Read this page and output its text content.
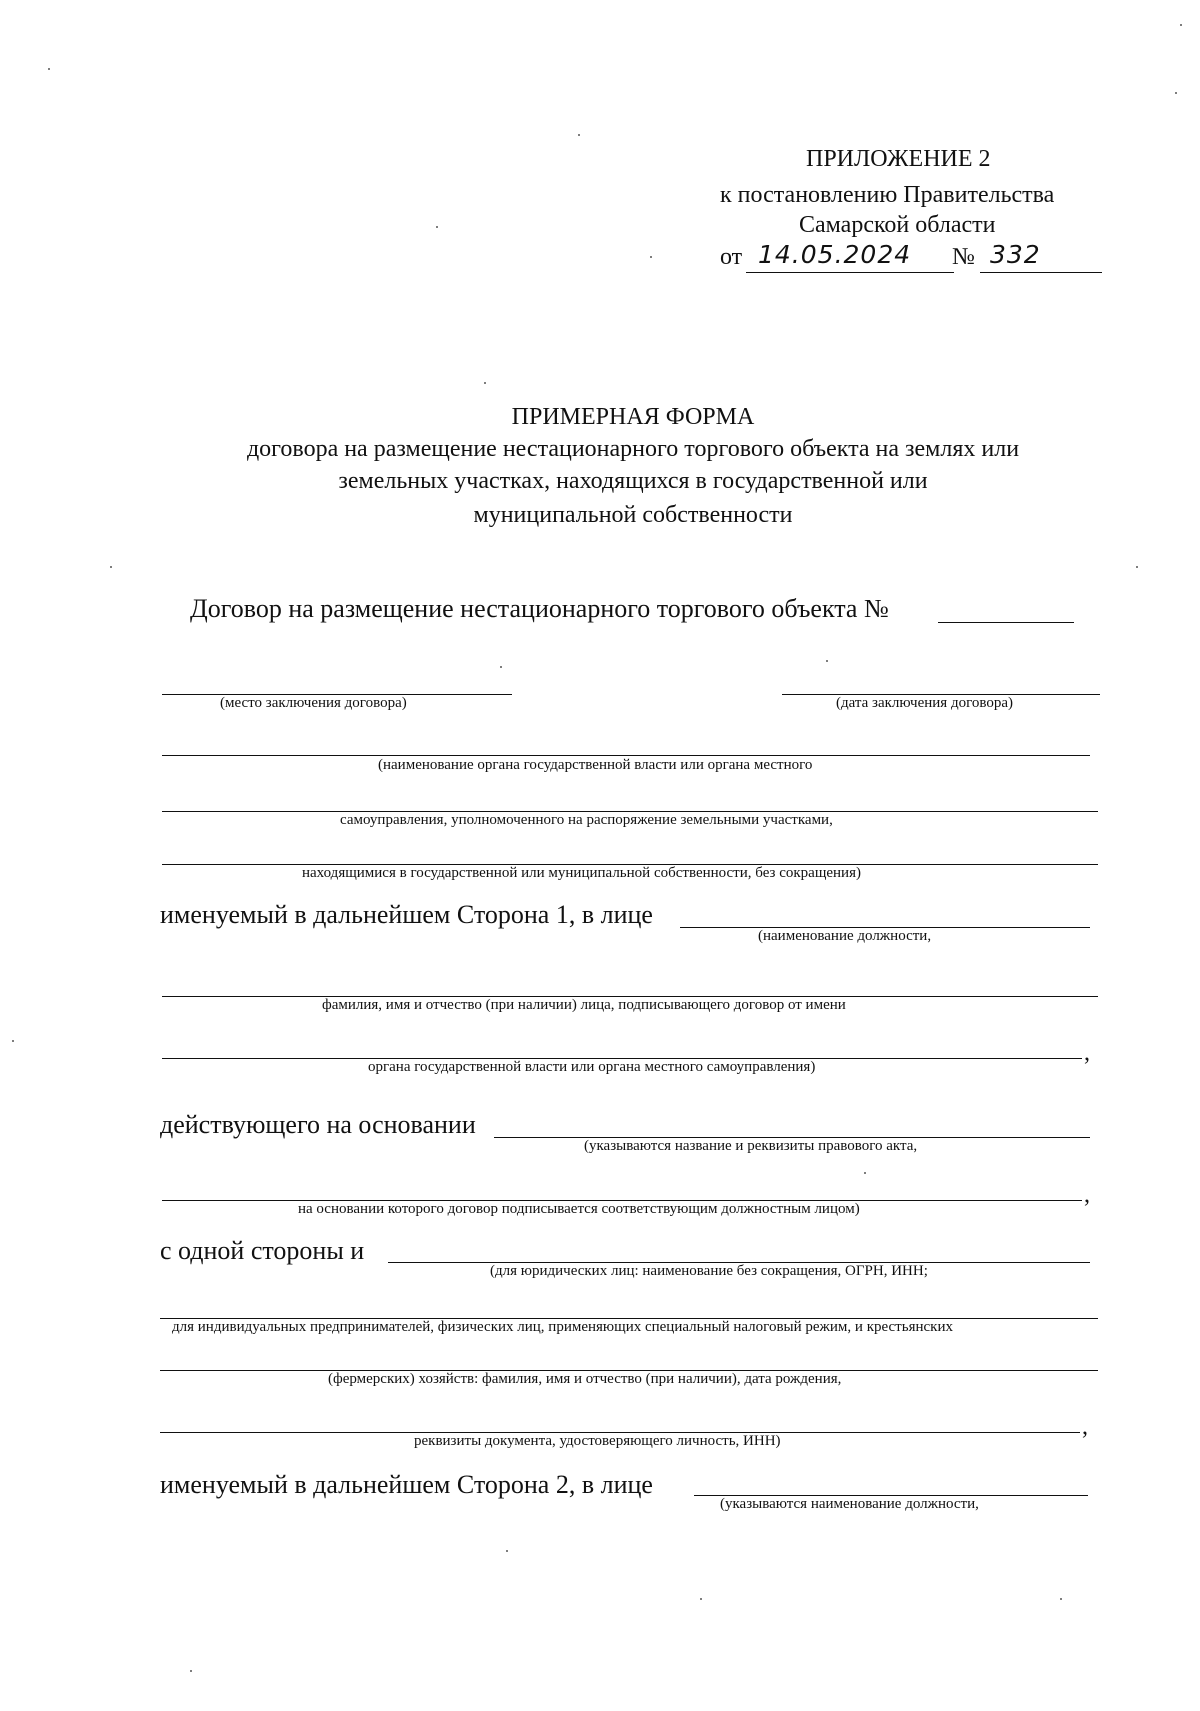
ПРИЛОЖЕНИЕ 2
к постановлению Правительства
Самарской области
от 14.05.2024 № 332
ПРИМЕРНАЯ ФОРМА
договора на размещение нестационарного торгового объекта на землях или
земельных участках, находящихся в государственной или
муниципальной собственности
Договор на размещение нестационарного торгового объекта №
(место заключения договора)	(дата заключения договора)
(наименование органа государственной власти или органа местного
самоуправления, уполномоченного на распоряжение земельными участками,
находящимися в государственной или муниципальной собственности, без сокращения)
именуемый в дальнейшем Сторона 1, в лице
(наименование должности,
фамилия, имя и отчество (при наличии) лица, подписывающего договор от имени
,
органа государственной власти или органа местного самоуправления)
действующего на основании
(указываются название и реквизиты правового акта,
,
на основании которого договор подписывается соответствующим должностным лицом)
с одной стороны и
(для юридических лиц: наименование без сокращения, ОГРН, ИНН;
для индивидуальных предпринимателей, физических лиц, применяющих специальный налоговый режим, и крестьянских
(фермерских) хозяйств: фамилия, имя и отчество (при наличии), дата рождения,
,
реквизиты документа, удостоверяющего личность, ИНН)
именуемый в дальнейшем Сторона 2, в лице
(указываются наименование должности,
